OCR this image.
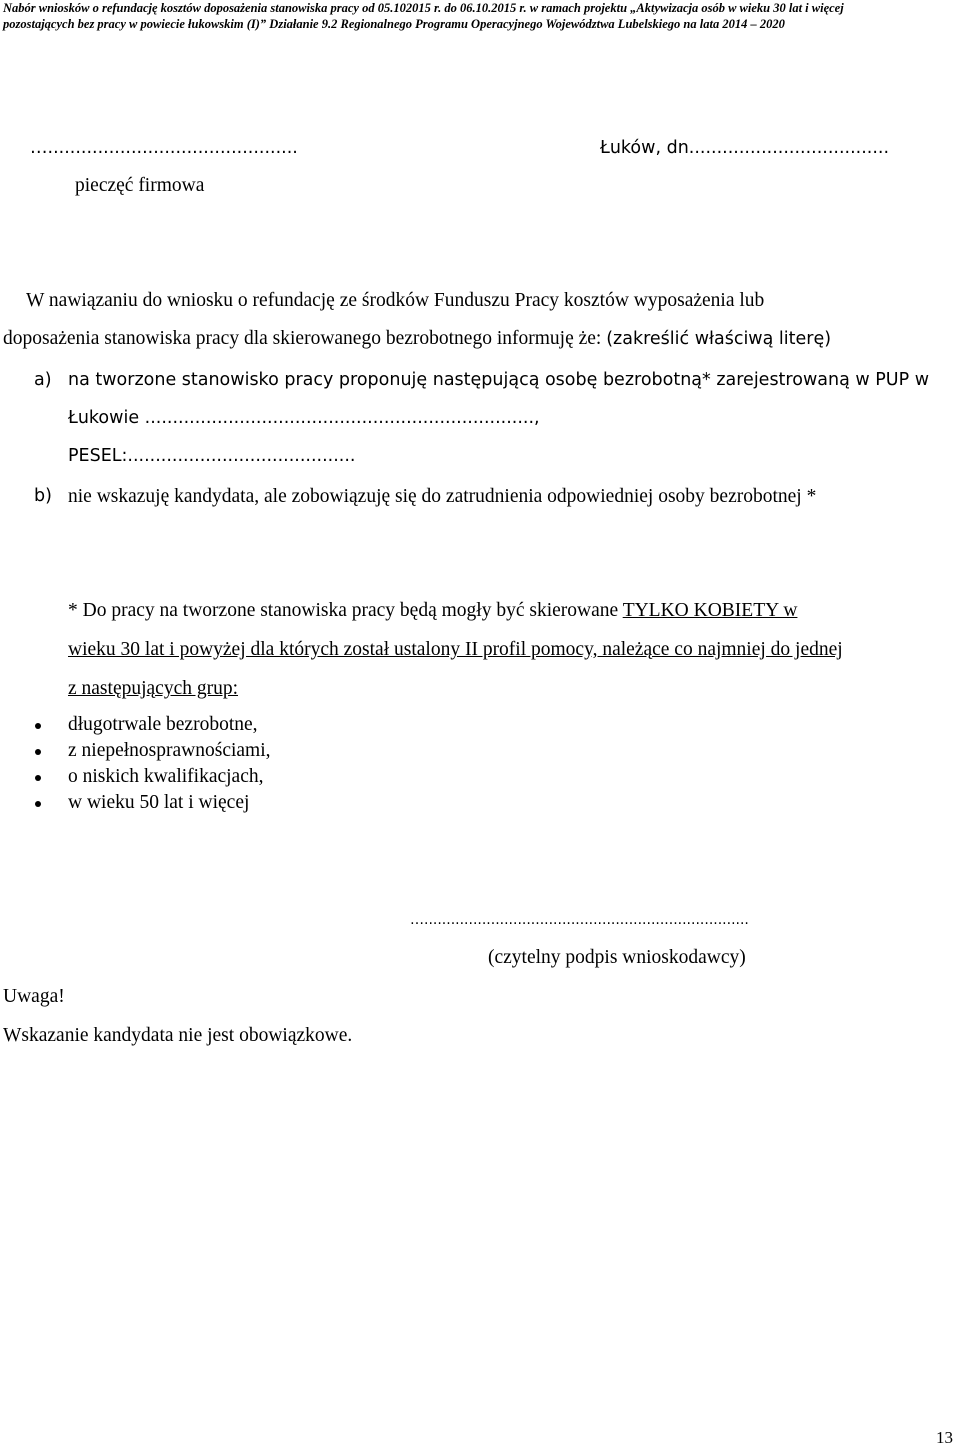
Nabór wniosków o refundację kosztów doposażenia stanowiska pracy od 05.102015 r. do 06.10.2015 r. w ramach projektu „Aktywizacja osób w wieku 30 lat i więcej
pozostających bez pracy w powiecie łukowskim (I)” Działanie 9.2 Regionalnego Programu Operacyjnego Województwa Lubelskiego na lata 2014 – 2020
….............................................	Łuków, dn....................................
pieczęć firmowa
W nawiązaniu do wniosku o refundację ze środków Funduszu Pracy kosztów wyposażenia lub
doposażenia stanowiska pracy dla skierowanego bezrobotnego informuję że: (zakreślić właściwą literę)
a) na tworzone stanowisko pracy proponuję następującą osobę bezrobotną* zarejestrowaną w PUP w
Łukowie ......................................................................,
PESEL:.........................................
b) nie wskazuję kandydata, ale zobowiązuję się do zatrudnienia odpowiedniej osoby bezrobotnej *
* Do pracy na tworzone stanowiska pracy będą mogły być skierowane TYLKO KOBIETY w
wieku 30 lat i powyżej dla których został ustalony II profil pomocy, należące co najmniej do jednej
z następujących grup:
długotrwale bezrobotne,
z niepełnosprawnościami,
o niskich kwalifikacjach,
w wieku 50 lat i więcej
….........................................................................
(czytelny podpis wnioskodawcy)
Uwaga!
Wskazanie kandydata nie jest obowiązkowe.
13
